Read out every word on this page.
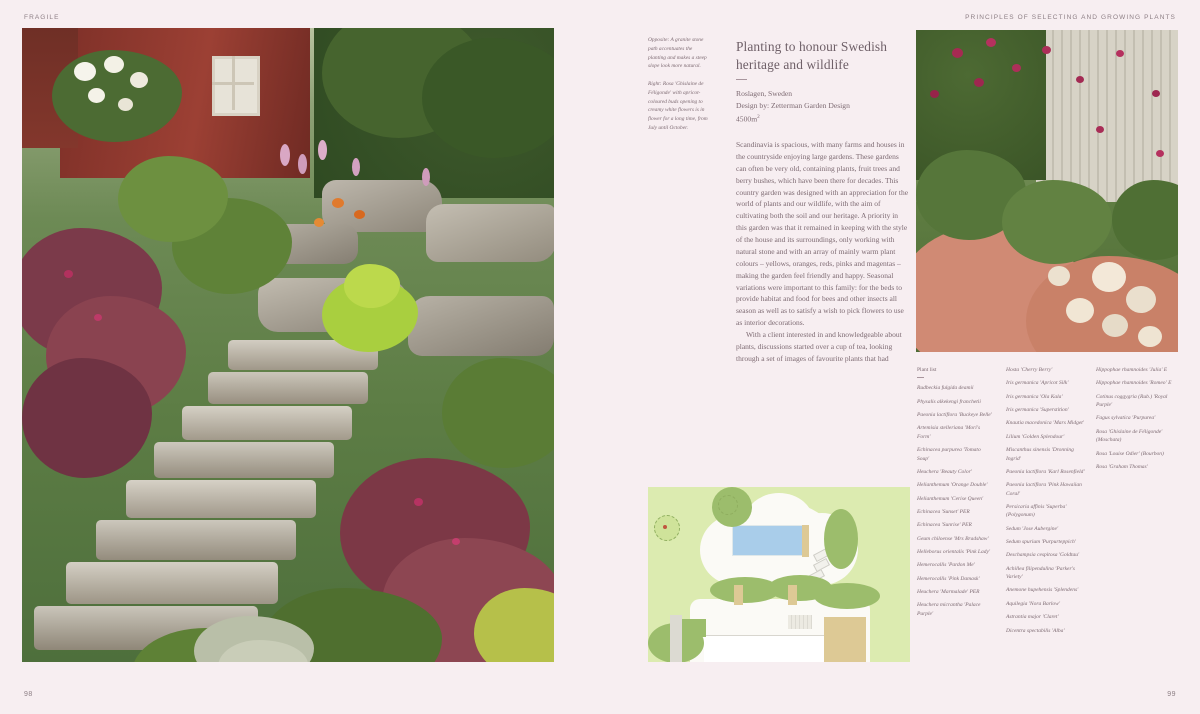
FRAGILE
98
PRINCIPLES OF SELECTING AND GROWING PLANTS
99

Opposite: A granite stone path accentuates the planting and makes a steep slope look more natural.

Right: Rosa 'Ghislaine de Féligonde' with apricot-coloured buds opening to creamy white flowers is in flower for a long time, from July until October.

Planting to honour Swedish heritage and wildlife
Roslagen, Sweden
Design by: Zetterman Garden Design
$4500m^2$

Scandinavia is spacious, with many farms and houses in the countryside enjoying large gardens. These gardens can often be very old, containing plants, fruit trees and berry bushes, which have been there for decades. This country garden was designed with an appreciation for the world of plants and our wildlife, with the aim of cultivating both the soil and our heritage. A priority in this garden was that it remained in keeping with the style of the house and its surroundings, only working with natural stone and with an array of mainly warm plant colours – yellows, oranges, reds, pinks and magentas – making the garden feel friendly and happy. Seasonal variations were important to this family: for the beds to provide habitat and food for bees and other insects all season as well as to satisfy a wish to pick flowers to use as interior decorations.

With a client interested in and knowledgeable about plants, discussions started over a cup of tea, looking through a set of images of favourite plants that had

Plant list
Rudbeckia fulgida deamii
Physalis alkekengi franchetii
Paeonia lactiflora 'Buckeye Belle'
Artemisia stelleriana 'Mori's Form'
Echinacea purpurea 'Tomato Soup'
Heuchera 'Beauty Color'
Helianthemum 'Orange Double'
Helianthemum 'Cerise Queen'
Echinacea 'Sunset' PER
Echinacea 'Sunrise' PER
Geum chiloense 'Mrs Bradshaw'
Helleborus orientalis 'Pink Lady'
Hemerocallis 'Pardon Me'
Hemerocallis 'Pink Damask'
Heuchera 'Marmalade' PER
Heuchera micrantha 'Palace Purple'
Hosta 'Cherry Berry'
Iris germanica 'Apricot Silk'
Iris germanica 'Ola Kala'
Iris germanica 'Superstition'
Knautia macedonica 'Mars Midget'
Lilium 'Golden Splendour'
Miscanthus sinensis 'Dronning Ingrid'
Paeonia lactiflora 'Karl Rosenfield'
Paeonia lactiflora 'Pink Hawaiian Coral'
Persicaria affinis 'Superba' (Polygonum)
Sedum 'Jose Aubergine'
Sedum spurium 'Purpurteppich'
Deschampsia cespitosa 'Goldtau'
Achillea filipendulina 'Parker's Variety'
Anemone hupehensis 'Splendens'
Aquilegia 'Nora Barlow'
Astrantia major 'Claret'
Dicentra spectabilis 'Alba'
Hippophae rhamnoides 'Julia' E
Hippophae rhamnoides 'Romeo' E
Cotinus coggygria (Rub.) 'Royal Purple'
Fagus sylvatica 'Purpurea'
Rosa 'Ghislaine de Féligonde' (Moschata)
Rosa 'Louise Odier' (Bourbon)
Rosa 'Graham Thomas'
